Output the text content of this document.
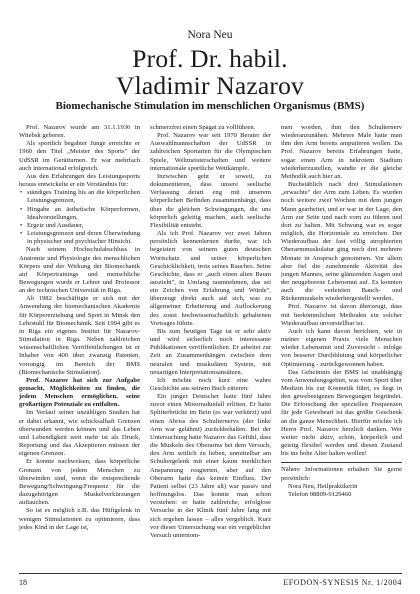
Nora Neu
Prof. Dr. habil.
Vladimir Nazarov
Biomechanische Stimulation im menschlichen Organismus (BMS)

Prof. Nazarov wurde am 31.1.1936 in Witebsk geboren.

Als sportlich begabter Junge erreichte er 1960 den Titel „Meister des Sports" der UdSSR im Gerätturnen. Er war mehrfach auch international erfolgreich.

Aus den Erfahrungen des Leistungssports heraus entwickelte er ein Verständnis für:

• ständiges Training bis an die körperlichen Leistungsgrenzen,
• Hingabe an ästhetische Körperformen, Idealvorstellungen,
• Ergeiz und Ausdauer,
• Leistungsgrenzen und deren Überwindung in physischer und psychischer Hinsicht.

Nach seinem Hochschulabschluss in Anatomie und Physiologie des menschlichen Körpers und der Wirkung der Biomechanik auf Körpertrainings und menschliche Bewegungen wurde er Lehrer und Professor an der technischen Universität in Riga.

Ab 1982 beschäftigte er sich mit der Anwendung der biomechanischen Akademie für Körpererziehung und Sport in Minsk den Lehrstuhl für Biomechanik. Seit 1994 gibt es in Riga ein eigenes Institut für Nazarov-Stimulation in Riga. Neben zahlreichen wissenschaftlichen Veröffentlichungen ist er Inhaber von 400 über zwanzig Patenten, vorrangig im Bereich der BMS (Biomechanische Stimulation).

Prof. Nazarov hat sich zur Aufgabe gemacht, Möglichkeiten zu finden, die jedem Menschen ermöglichen, seine großartigen Potenziale zu entfalten.

Im Verlauf seiner unzähligen Studien hat er dabei erkannt, wie schicksalhaft Grenzen überwunden werden können und das Leben und Lebendigkeit weit mehr ist als Druck, Reportung und das Akzeptieren müssen der eigenen Grenzen.

Er konnte nachweisen, dass körperliche Grenzen von jedem Menschen zu überwinden sind, wenn die entsprechende Bewegung/Schwingung/Frequenz für die dazugehörigen Muskelverkürzungen auftauchen.

So ist es möglich z.B. das Hüftgelenk in wenigen Stimulationen zu optimieren, dass jedes Kind in der Lage ist,

schmerzfrei einen Spagat zu vollführen.

Prof. Nazarov war seit 1970 Berater der Auswahlmannschaften der UdSSR in zahlreichen Sportarten für die Olympischen Spiele, Weltmeisterschaften und weitere internationale sportliche Wettkämpfe.

Inzwischen geht er soweit, zu dokumentieren, dass unsere seelische Verfassung derart eng mit unserem körperlichen Befinden zusammenhängt, dass über die gleichen Schwingungen, die uns körperlich geleitig machen, auch seelische Flexibilität entsteht.

Als ich Prof. Nazarov vor zwei Jahren persönlich kennenlernen durfte, war ich begeistert von seinem guten deutschen Wortschatz und seiner körperlichen Geschicklichkeit, trotz seines Rauches. Seine Geschichte, dass er „auch einen alten Baum auszieht", in Umfang raumnehmen, das sei ein Zeichen von Erfahrung und Würde", überzeugt direkt auch auf sich, was zu allgemeiner Erheiterung und Auflockerung des sonst hochwissenschaftlich gehaltenen Vortrages führte.

Bis zum heutigen Tage ist er sehr aktiv und wird sicherlich noch interessante Publikationen veröffentlichen. Er arbeitet zur Zeit an Zusammenhängen zwischen dem neuralen und muskulären System, mit neuartigen Interpretationsansätzen.

Ich möchte noch kurz eine wahre Geschichte aus seinem Buch zitieren:

Ein junger Deutscher hatte fünf Jahre zuvor einen Motorradunfall erlitten. Er hatte Splitterbrüche im Bein (es war verkürzt) und einen Abriss des Schulternervs (der linke Arm war gelähmt) zurückbehalten. Bei der Untersuchung hatte Nazarov das Gefühl, dass die Muskeln des Oberarms bei dem Versuch, den Arm seitlich zu heben, unmittelbar am Schultergelenk mit einer kaum merklichen Anspannung reagierten, aber auf den Oberarm hatte das keinen Einfluss. Der Patient selbst (23 Jahre alt) war passiv und hoffnungslos. Das konnte man schon verstehen: er hatte zahlreiche, erfolglose Versuche in der Klinik fünf Jahre lang mit sich ergehen lassen – alles vergeblich. Kurz vor dieser Untersuchung war ein vergeblicher Versuch unternom-

men worden, ihm den Schulternerv wiederanzunähen. Mehrere Male hatte man ihm den Arm bereits amputieren wollen. Da Prof. Nazarov bereits Erfahrungen hatte, sogar einen Arm in nekrotem Stadium wiederherzustellen, wandte er die gleiche Methodik auch hier an.

Buchstäblich nach drei Stimulationen „erwachte" der Arm zum Leben. Es wurden noch weitere zwei Wochen mit dem jungen Mann gearbeitet, und er war in der Lage, den Arm zur Seite und nach vorn zu führen und dort zu halten. Mit Schwung war es sogar möglich, die Horizontale zu erreichen. Der Wiederaufbau der fast völlig atrophierten Oberarmmuskulatur ging noch drei mehrere Monate in Anspruch genommen. Vor allem aber fiel die zunehmende Aktivität des jungen Mannes, seine glänzenden Augen und der neugeborene Lebensmut auf. Es konnten auch die verletzten Bauch- und Rückenmuskeln wiederhergestellt werden.

Prof. Nazarov ist davon überzeugt, dass mit herkömmlichen Methoden ein solcher Wiederaufbau unvorstellbar ist.

Auch ich kann davon berichten, wie in meiner eigenen Praxis viele Menschen wieder Lebensmut und Zuversicht - infolge von besserer Durchblutung und körperlicher Optimierung - zurückgewonnen haben.

Das Geheimnis der BMS ist unabhängig vom Anwendungsgebiet, was vom Sport über Medizin bis zur Kosmetik führt, es liegt in den gewebeeigenen Bewegungen begründet. Die Erforschung der speziellen Frequenzen für jede Gewebeart ist das größte Geschenk an die ganze Menschheit. Hierfür möchte ich Herrn Prof. Nazarov herzlich danken. Wer weiter nicht aktiv, schön, körperlich und geistig flexibel werden und diesen Zustand bis ins hohe Alter halten wollen!

Nähere Informationen erhalten Sie gerne persönlich:

Nora Neu, Heilpraktikerin

Telefon 08809-9129460

18	EFODON-SYNESIS Nr. 1/2004
